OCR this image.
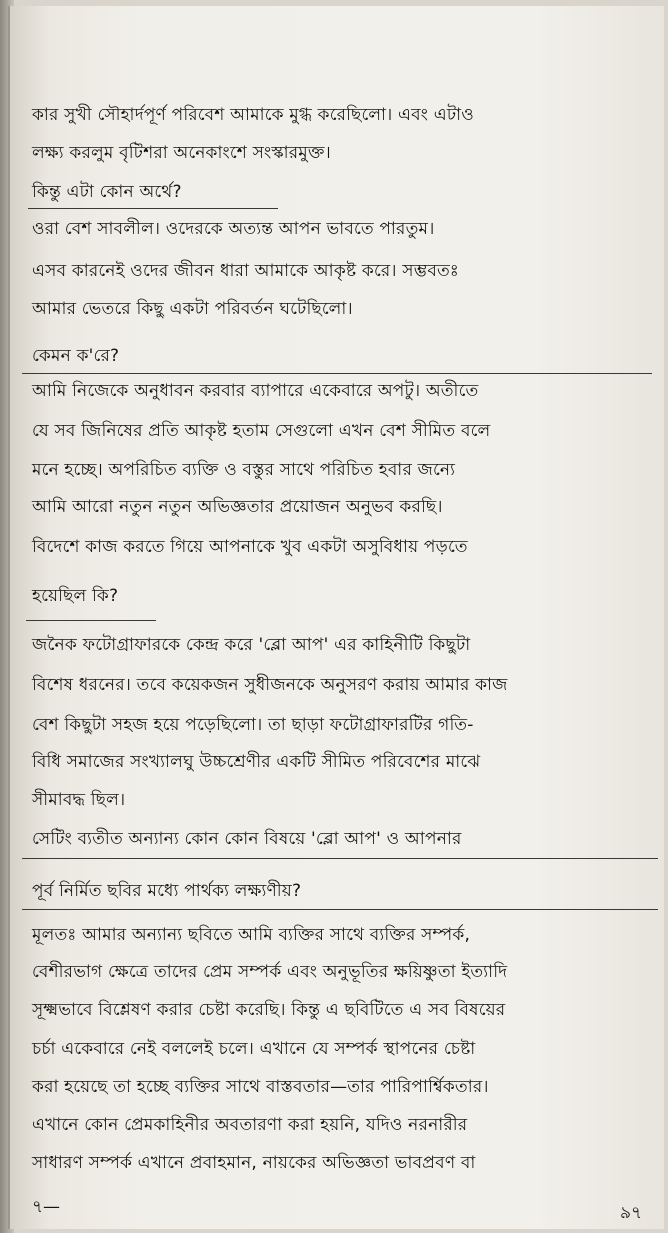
কার সুখী সৌহার্দপূর্ণ পরিবেশ আমাকে মুগ্ধ করেছিলো। এবং এটাও
লক্ষ্য করলুম বৃটিশরা অনেকাংশে সংস্কারমুক্ত।
কিন্তু এটা কোন অর্থে?
ওরা বেশ সাবলীল। ওদেরকে অত্যন্ত আপন ভাবতে পারতুম।
এসব কারনেই ওদের জীবন ধারা আমাকে আকৃষ্ট করে। সম্ভবতঃ
আমার ভেতরে কিছু একটা পরিবর্তন ঘটেছিলো।
কেমন ক'রে?
আমি নিজেকে অনুধাবন করবার ব্যাপারে একেবারে অপটু। অতীতে
যে সব জিনিষের প্রতি আকৃষ্ট হতাম সেগুলো এখন বেশ সীমিত বলে
মনে হচ্ছে। অপরিচিত ব্যক্তি ও বস্তুর সাথে পরিচিত হবার জন্যে
আমি আরো নতুন নতুন অভিজ্ঞতার প্রয়োজন অনুভব করছি।
বিদেশে কাজ করতে গিয়ে আপনাকে খুব একটা অসুবিধায় পড়তে
হয়েছিল কি?
জনৈক ফটোগ্রাফারকে কেন্দ্র করে 'ব্লো আপ' এর কাহিনীটি কিছুটা
বিশেষ ধরনের। তবে কয়েকজন সুধীজনকে অনুসরণ করায় আমার কাজ
বেশ কিছুটা সহজ হয়ে পড়েছিলো। তা ছাড়া ফটোগ্রাফারটির গতি-
বিধি সমাজের সংখ্যালঘু উচ্চশ্রেণীর একটি সীমিত পরিবেশের মাঝে
সীমাবদ্ধ ছিল।
সেটিং ব্যতীত অন্যান্য কোন কোন বিষয়ে 'ব্লো আপ' ও আপনার
পূর্ব নির্মিত ছবির মধ্যে পার্থক্য লক্ষ্যণীয়?
মূলতঃ আমার অন্যান্য ছবিতে আমি ব্যক্তির সাথে ব্যক্তির সম্পর্ক,
বেশীরভাগ ক্ষেত্রে তাদের প্রেম সম্পর্ক এবং অনুভূতির ক্ষয়িষ্ণুতা ইত্যাদি
সূক্ষ্মভাবে বিশ্লেষণ করার চেষ্টা করেছি। কিন্তু এ ছবিটিতে এ সব বিষয়ের
চর্চা একেবারে নেই বললেই চলে। এখানে যে সম্পর্ক স্থাপনের চেষ্টা
করা হয়েছে তা হচ্ছে ব্যক্তির সাথে বাস্তবতার—তার পারিপার্শ্বিকতার।
এখানে কোন প্রেমকাহিনীর অবতারণা করা হয়নি, যদিও নরনারীর
সাধারণ সম্পর্ক এখানে প্রবাহমান, নায়কের অভিজ্ঞতা ভাবপ্রবণ বা
৭—	৯৭
